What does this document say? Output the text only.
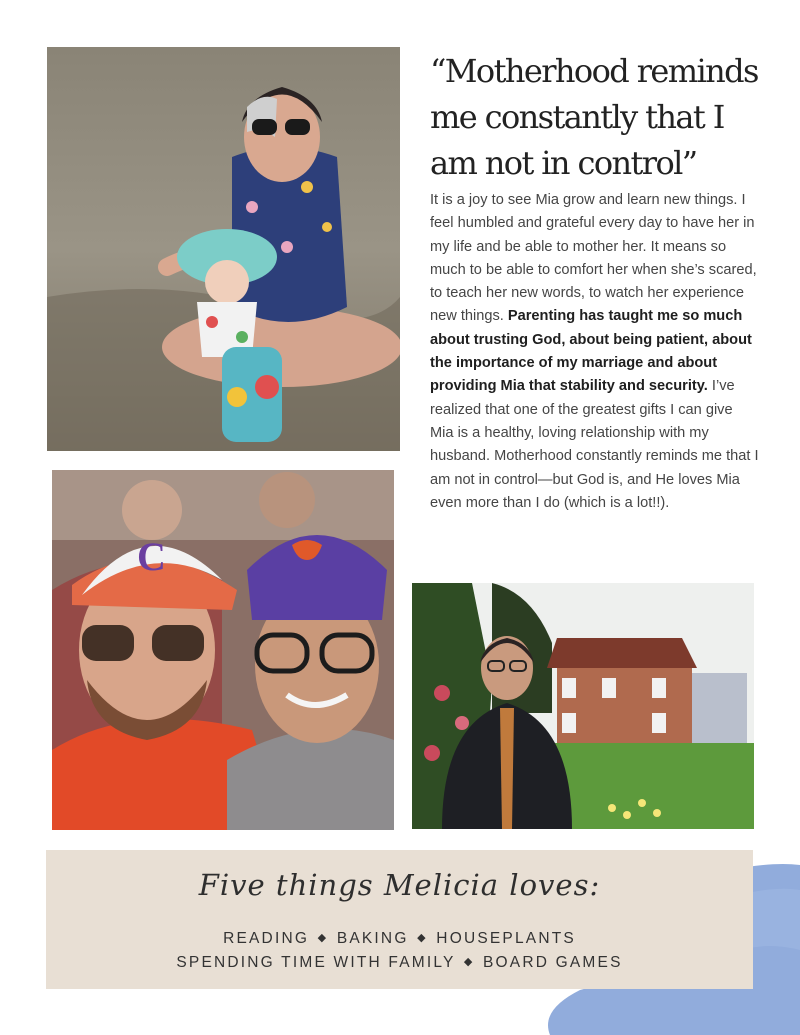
“Motherhood reminds me constantly that I am not in control”

It is a joy to see Mia grow and learn new things. I feel humbled and grateful every day to have her in my life and be able to mother her. It means so much to be able to comfort her when she’s scared, to teach her new words, to watch her experience new things. Parenting has taught me so much about trusting God, about being patient, about the importance of my marriage and about providing Mia that stability and security. I’ve realized that one of the greatest gifts I can give Mia is a healthy, loving relationship with my husband. Motherhood constantly reminds me that I am not in control—but God is, and He loves Mia even more than I do (which is a lot!!).

C
Five things Melicia loves:
READING ◆ BAKING ◆ HOUSEPLANTS
SPENDING TIME WITH FAMILY ◆ BOARD GAMES
